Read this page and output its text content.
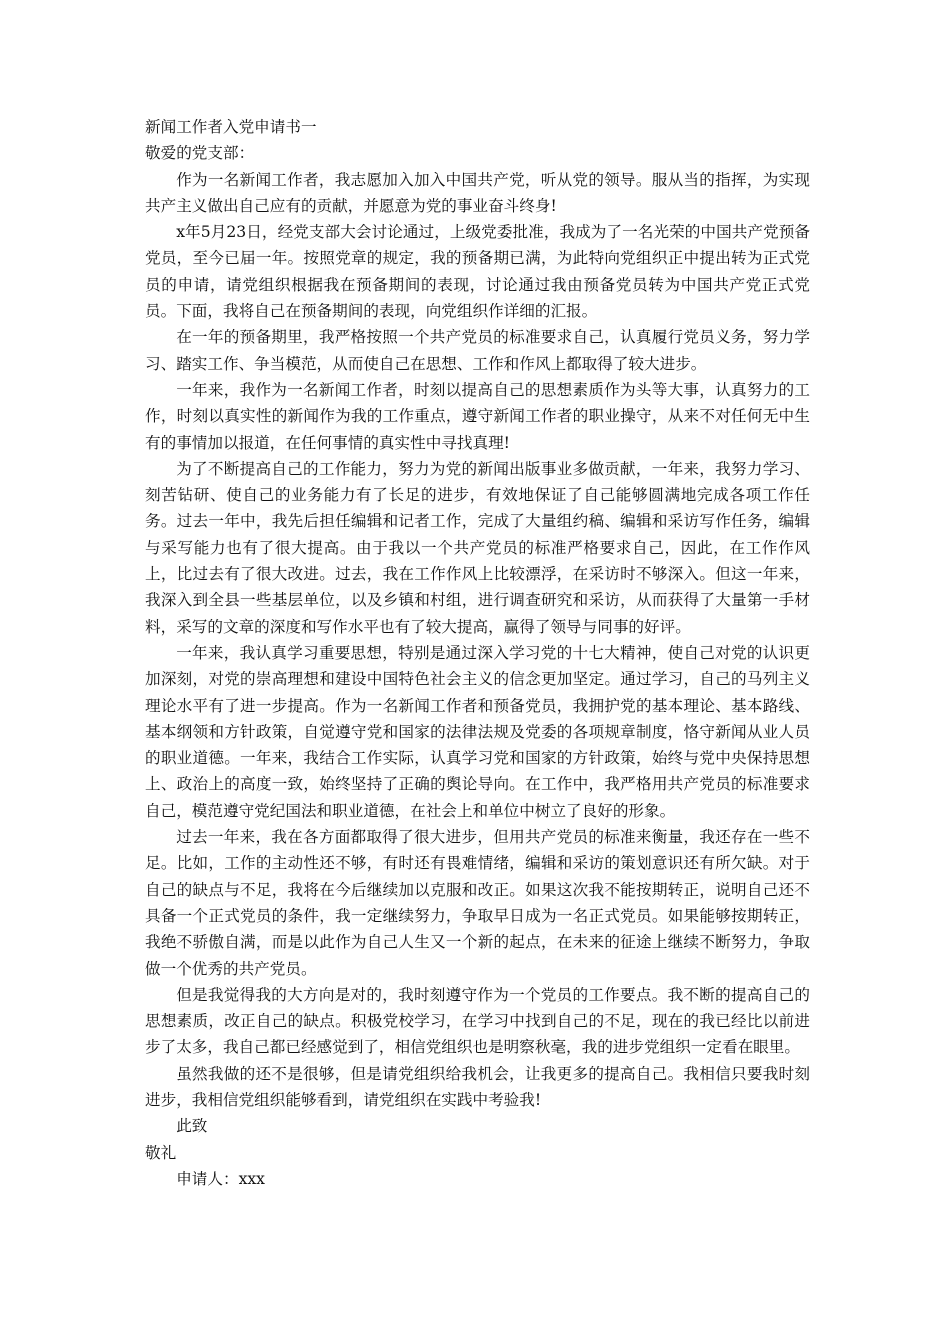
新闻工作者入党申请书一

敬爱的党支部：

作为一名新闻工作者，我志愿加入加入中国共产党，听从党的领导。服从当的指挥，为实现共产主义做出自己应有的贡献，并愿意为党的事业奋斗终身!

x年5月23日，经党支部大会讨论通过，上级党委批准，我成为了一名光荣的中国共产党预备党员，至今已届一年。按照党章的规定，我的预备期已满，为此特向党组织正中提出转为正式党员的申请，请党组织根据我在预备期间的表现，讨论通过我由预备党员转为中国共产党正式党员。下面，我将自己在预备期间的表现，向党组织作详细的汇报。

在一年的预备期里，我严格按照一个共产党员的标准要求自己，认真履行党员义务，努力学习、踏实工作、争当模范，从而使自己在思想、工作和作风上都取得了较大进步。

一年来，我作为一名新闻工作者，时刻以提高自己的思想素质作为头等大事，认真努力的工作，时刻以真实性的新闻作为我的工作重点，遵守新闻工作者的职业操守，从来不对任何无中生有的事情加以报道，在任何事情的真实性中寻找真理!

为了不断提高自己的工作能力，努力为党的新闻出版事业多做贡献，一年来，我努力学习、刻苦钻研、使自己的业务能力有了长足的进步，有效地保证了自己能够圆满地完成各项工作任务。过去一年中，我先后担任编辑和记者工作，完成了大量组约稿、编辑和采访写作任务，编辑与采写能力也有了很大提高。由于我以一个共产党员的标准严格要求自己，因此，在工作作风上，比过去有了很大改进。过去，我在工作作风上比较漂浮，在采访时不够深入。但这一年来，我深入到全县一些基层单位，以及乡镇和村组，进行调查研究和采访，从而获得了大量第一手材料，采写的文章的深度和写作水平也有了较大提高，赢得了领导与同事的好评。

一年来，我认真学习重要思想，特别是通过深入学习党的十七大精神，使自己对党的认识更加深刻，对党的崇高理想和建设中国特色社会主义的信念更加坚定。通过学习，自己的马列主义理论水平有了进一步提高。作为一名新闻工作者和预备党员，我拥护党的基本理论、基本路线、基本纲领和方针政策，自觉遵守党和国家的法律法规及党委的各项规章制度，恪守新闻从业人员的职业道德。一年来，我结合工作实际，认真学习党和国家的方针政策，始终与党中央保持思想上、政治上的高度一致，始终坚持了正确的舆论导向。在工作中，我严格用共产党员的标准要求自己，模范遵守党纪国法和职业道德，在社会上和单位中树立了良好的形象。

过去一年来，我在各方面都取得了很大进步，但用共产党员的标准来衡量，我还存在一些不足。比如，工作的主动性还不够，有时还有畏难情绪，编辑和采访的策划意识还有所欠缺。对于自己的缺点与不足，我将在今后继续加以克服和改正。如果这次我不能按期转正，说明自己还不具备一个正式党员的条件，我一定继续努力，争取早日成为一名正式党员。如果能够按期转正，我绝不骄傲自满，而是以此作为自己人生又一个新的起点，在未来的征途上继续不断努力，争取做一个优秀的共产党员。

但是我觉得我的大方向是对的，我时刻遵守作为一个党员的工作要点。我不断的提高自己的思想素质，改正自己的缺点。积极党校学习，在学习中找到自己的不足，现在的我已经比以前进步了太多，我自己都已经感觉到了，相信党组织也是明察秋毫，我的进步党组织一定看在眼里。

虽然我做的还不是很够，但是请党组织给我机会，让我更多的提高自己。我相信只要我时刻进步，我相信党组织能够看到，请党组织在实践中考验我!

此致

敬礼

申请人：xxx
